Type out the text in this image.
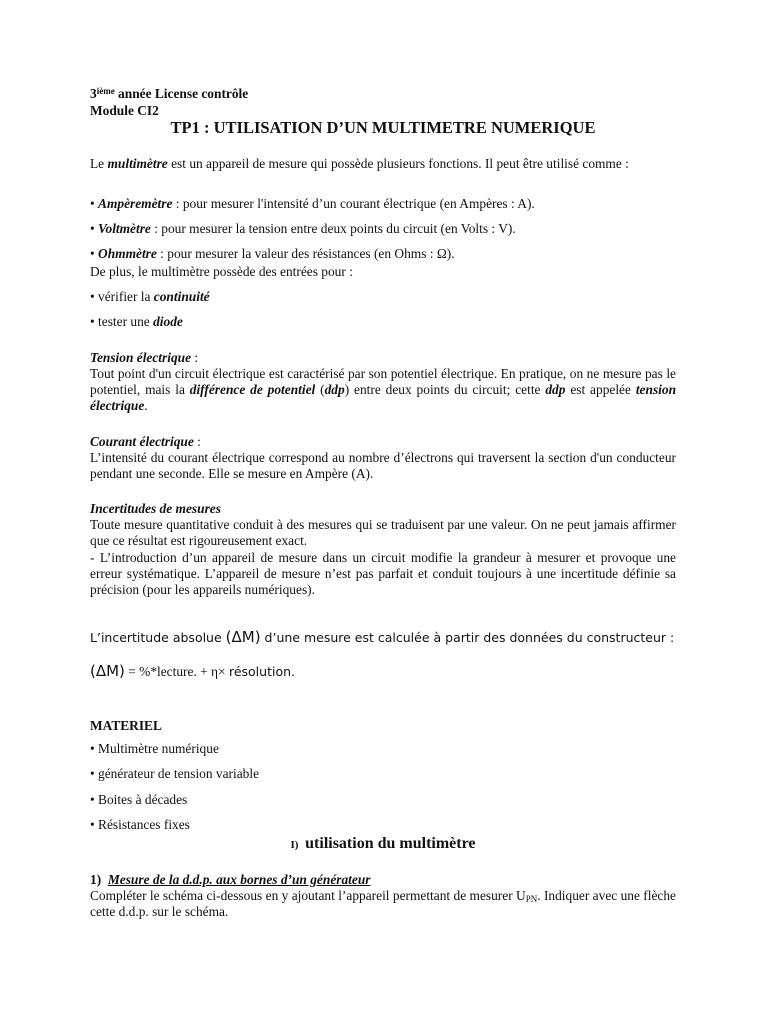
3ième année License contrôle
Module CI2
TP1 : UTILISATION D’UN MULTIMETRE NUMERIQUE
Le multimètre est un appareil de mesure qui possède plusieurs fonctions. Il peut être utilisé comme :
• Ampèremètre : pour mesurer l'intensité d’un courant électrique (en Ampères : A).
• Voltmètre : pour mesurer la tension entre deux points du circuit (en Volts : V).
• Ohmmètre : pour mesurer la valeur des résistances (en Ohms : Ω).
De plus, le multimètre possède des entrées pour :
• vérifier la continuité
• tester une diode
Tension électrique :
Tout point d'un circuit électrique est caractérisé par son potentiel électrique. En pratique, on ne mesure pas le potentiel, mais la différence de potentiel (ddp) entre deux points du circuit; cette ddp est appelée tension électrique.
Courant électrique :
L’intensité du courant électrique correspond au nombre d’électrons qui traversent la section d'un conducteur pendant une seconde. Elle se mesure en Ampère (A).
Incertitudes de mesures
Toute mesure quantitative conduit à des mesures qui se traduisent par une valeur. On ne peut jamais affirmer que ce résultat est rigoureusement exact.
- L’introduction d’un appareil de mesure dans un circuit modifie la grandeur à mesurer et provoque une erreur systématique. L’appareil de mesure n’est pas parfait et conduit toujours à une incertitude définie sa précision (pour les appareils numériques).
L’incertitude absolue (ΔM) d’une mesure est calculée à partir des données du constructeur :
(ΔM) = %*lecture. + η× résolution.
MATERIEL
• Multimètre numérique
• générateur de tension variable
• Boites à décades
• Résistances fixes
I) utilisation du multimètre
1) Mesure de la d.d.p. aux bornes d’un générateur
Compléter le schéma ci-dessous en y ajoutant l’appareil permettant de mesurer $U_{PN}$. Indiquer avec une flèche cette d.d.p. sur le schéma.
